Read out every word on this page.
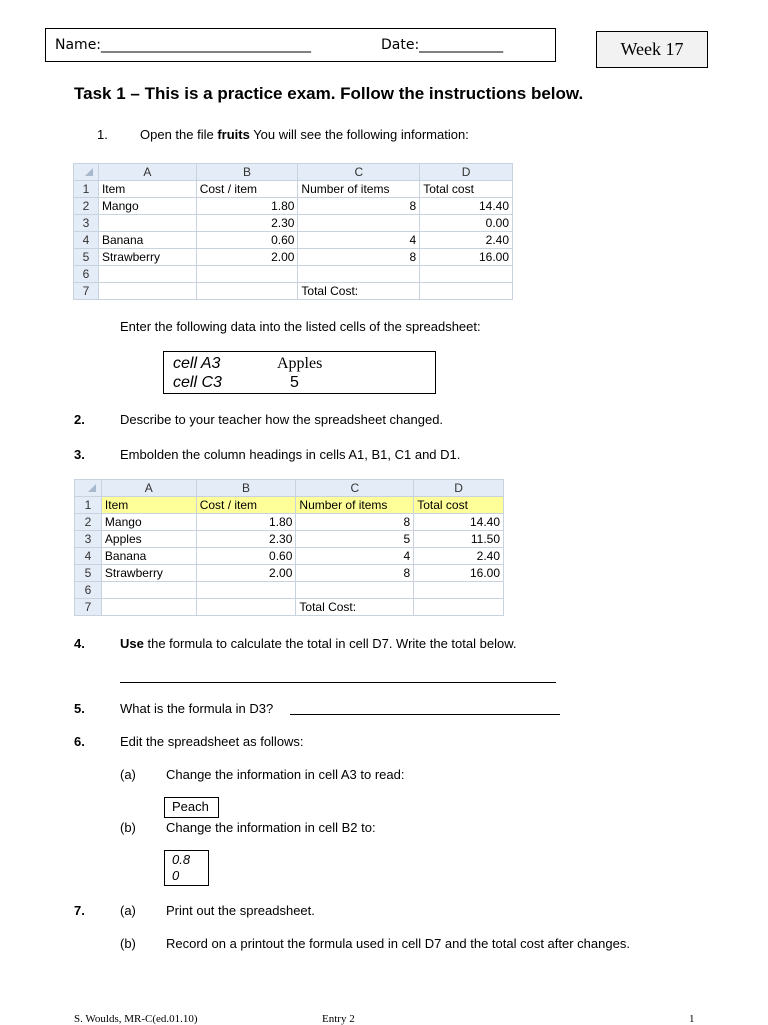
Name:______________________________	Date:____________	Week 17
Task 1 – This is a practice exam. Follow the instructions below.
1. Open the file fruits You will see the following information:
	A	B	C	D
1	Item	Cost / item	Number of items	Total cost
2	Mango	1.80	8	14.40
3		2.30		0.00
4	Banana	0.60	4	2.40
5	Strawberry	2.00	8	16.00
6				
7			Total Cost:	
Enter the following data into the listed cells of the spreadsheet:
cell A3	Apples
cell C3	5
2.	Describe to your teacher how the spreadsheet changed.
3.	Embolden the column headings in cells A1, B1, C1 and D1.
	A	B	C	D
1	Item	Cost / item	Number of items	Total cost
2	Mango	1.80	8	14.40
3	Apples	2.30	5	11.50
4	Banana	0.60	4	2.40
5	Strawberry	2.00	8	16.00
6				
7			Total Cost:	
4.	Use the formula to calculate the total in cell D7. Write the total below.
5.	What is the formula in D3?
6.	Edit the spreadsheet as follows:
(a) Change the information in cell A3 to read:
Peach
(b) Change the information in cell B2 to:
0.8
0
7.	(a) Print out the spreadsheet.
(b) Record on a printout the formula used in cell D7 and the total cost after changes.
S. Woulds, MR-C(ed.01.10)	Entry 2	1
